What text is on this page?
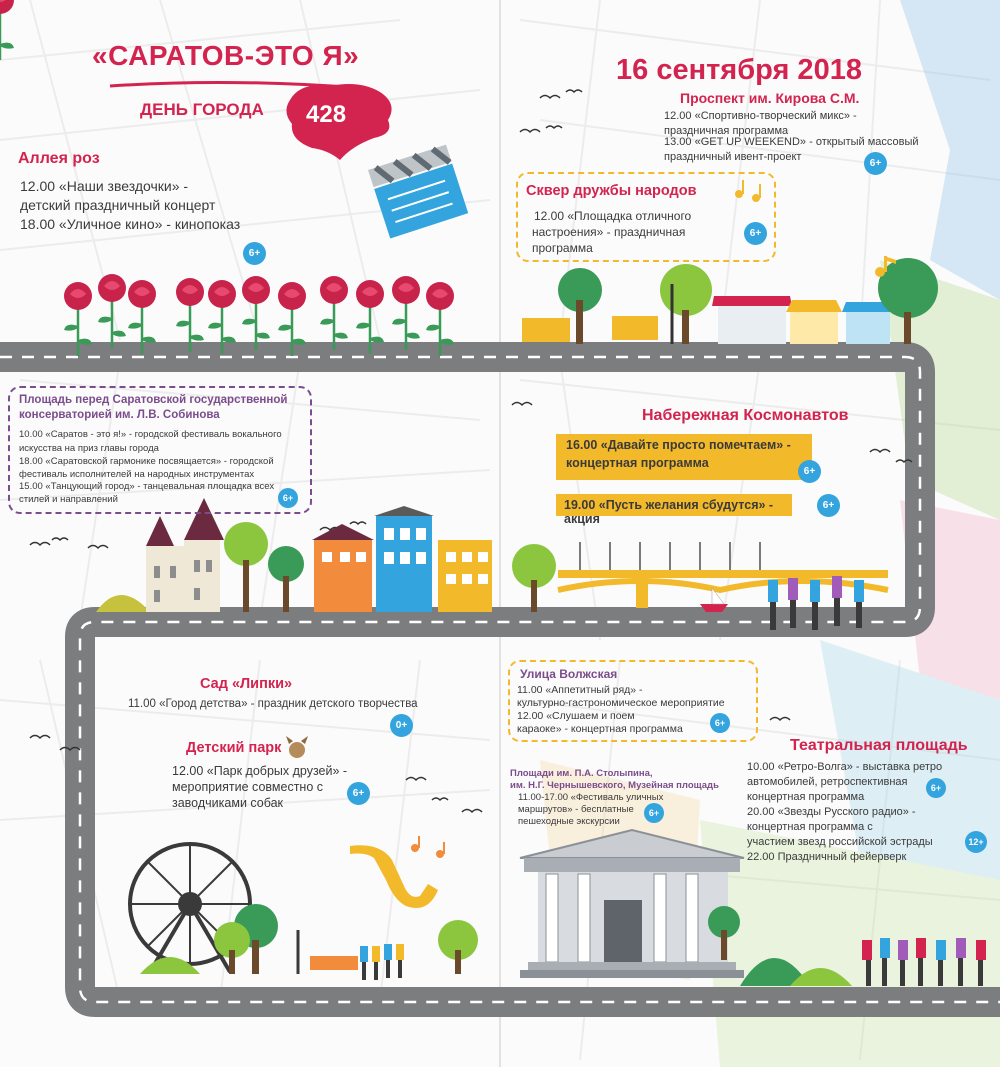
«САРАТОВ-ЭТО Я»
ДЕНЬ ГОРОДА 428
16 сентября 2018
Аллея роз
12.00 «Наши звездочки» -
детский праздничный концерт
18.00 «Уличное кино» - кинопоказ
6+
Проспект им. Кирова С.М.
12.00 «Спортивно-творческий микс» -
праздничная программа
13.00 «GET UP WEEKEND» - открытый массовый
праздничный ивент-проект
6+
Сквер дружбы народов
12.00 «Площадка отличного
настроения» - праздничная
программа
6+
Площадь перед Саратовской государственной
консерваторией им. Л.В. Собинова
10.00 «Саратов - это я!» - городской фестиваль вокального
искусства на приз главы города
18.00 «Саратовской гармонике посвящается» - городской
фестиваль исполнителей на народных инструментах
15.00 «Танцующий город» - танцевальная площадка всех
стилей и направлений	6+
Набережная Космонавтов
16.00 «Давайте просто помечтаем» -
концертная программа
6+
19.00 «Пусть желания сбудутся» - акция
6+
Сад «Липки»
11.00 «Город детства» - праздник детского творчества
0+
Детский парк
12.00 «Парк добрых друзей» -
мероприятие совместно с
заводчиками собак
6+
Улица Волжская
11.00 «Аппетитный ряд» -
культурно-гастрономическое мероприятие
12.00 «Слушаем и поем
караоке» - концертная программа	6+
Площади им. П.А. Столыпина,
им. Н.Г. Чернышевского, Музейная площадь
11.00-17.00 «Фестиваль уличных
маршрутов» - бесплатные
пешеходные экскурсии
6+
Театральная площадь
10.00 «Ретро-Волга» - выставка ретро
автомобилей, ретроспективная
концертная программа
20.00 «Звезды Русского радио» -
концертная программа с
участием звезд российской эстрады
22.00 Праздничный фейерверк
6+
12+
